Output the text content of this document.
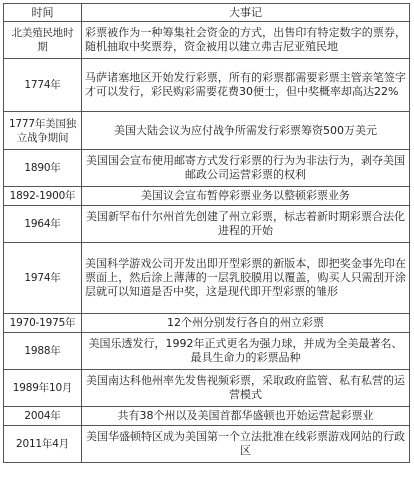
时间	大事记
北美殖民地时期	彩票被作为一种筹集社会资金的方式，出售印有特定数字的票券，随机抽取中奖票券，资金被用以建立弗吉尼亚殖民地
1774年	马萨诸塞地区开始发行彩票，所有的彩票都需要彩票主管亲笔签字才可以发行，彩民购彩需要花费30便士，但中奖概率却高达22%
1777年美国独立战争期间	美国大陆会议为应付战争所需发行彩票筹资500万美元
1890年	美国国会宣布使用邮寄方式发行彩票的行为为非法行为，剥夺美国邮政公司运营彩票的权利
1892-1900年	美国议会宣布暂停彩票业务以整顿彩票业务
1964年	美国新罕布什尔州首先创建了州立彩票，标志着新时期彩票合法化进程的开始
1974年	美国科学游戏公司开发出即开型彩票的新版本，即把奖金事先印在票面上，然后涂上薄薄的一层乳胶膜用以覆盖，购买人只需刮开涂层就可以知道是否中奖，这是现代即开型彩票的雏形
1970-1975年	12个州分别发行各自的州立彩票
1988年	美国乐透发行，1992年正式更名为强力球，并成为全美最著名、最具生命力的彩票品种
1989年10月	美国南达科他州率先发售视频彩票，采取政府监管、私有私营的运营模式
2004年	共有38个州以及美国首都华盛顿也开始运营起彩票业
2011年4月	美国华盛顿特区成为美国第一个立法批准在线彩票游戏网站的行政区
